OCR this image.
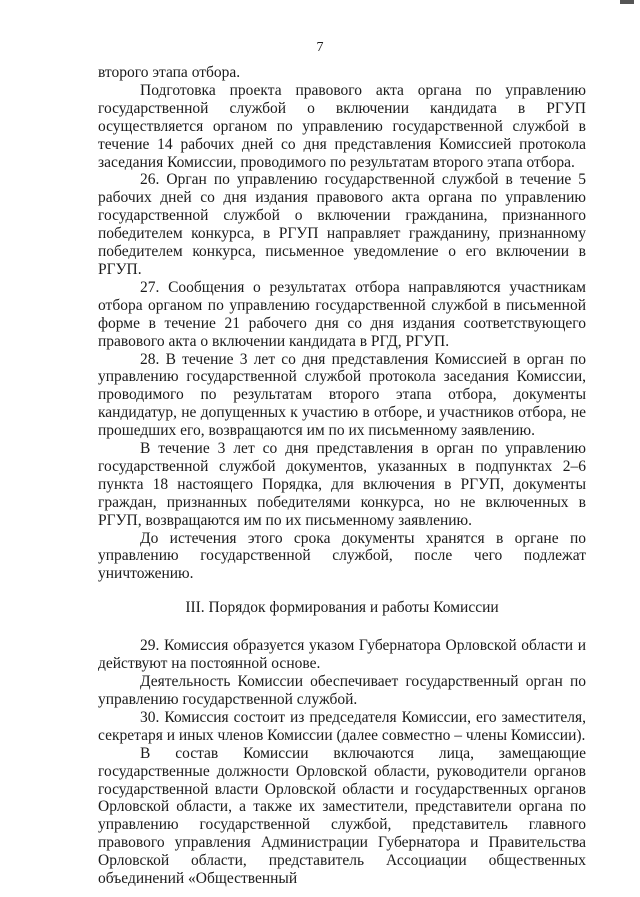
7

второго этапа отбора.

Подготовка проекта правового акта органа по управлению государственной службой о включении кандидата в РГУП осуществляется органом по управлению государственной службой в течение 14 рабочих дней со дня представления Комиссией протокола заседания Комиссии, проводимого по результатам второго этапа отбора.

26. Орган по управлению государственной службой в течение 5 рабочих дней со дня издания правового акта органа по управлению государственной службой о включении гражданина, признанного победителем конкурса, в РГУП направляет гражданину, признанному победителем конкурса, письменное уведомление о его включении в РГУП.

27. Сообщения о результатах отбора направляются участникам отбора органом по управлению государственной службой в письменной форме в течение 21 рабочего дня со дня издания соответствующего правового акта о включении кандидата в РГД, РГУП.

28. В течение 3 лет со дня представления Комиссией в орган по управлению государственной службой протокола заседания Комиссии, проводимого по результатам второго этапа отбора, документы кандидатур, не допущенных к участию в отборе, и участников отбора, не прошедших его, возвращаются им по их письменному заявлению.

В течение 3 лет со дня представления в орган по управлению государственной службой документов, указанных в подпунктах 2–6 пункта 18 настоящего Порядка, для включения в РГУП, документы граждан, признанных победителями конкурса, но не включенных в РГУП, возвращаются им по их письменному заявлению.

До истечения этого срока документы хранятся в органе по управлению государственной службой, после чего подлежат уничтожению.

III. Порядок формирования и работы Комиссии

29. Комиссия образуется указом Губернатора Орловской области и действуют на постоянной основе.

Деятельность Комиссии обеспечивает государственный орган по управлению государственной службой.

30. Комиссия состоит из председателя Комиссии, его заместителя, секретаря и иных членов Комиссии (далее совместно – члены Комиссии).

В состав Комиссии включаются лица, замещающие государственные должности Орловской области, руководители органов государственной власти Орловской области и государственных органов Орловской области, а также их заместители, представители органа по управлению государственной службой, представитель главного правового управления Администрации Губернатора и Правительства Орловской области, представитель Ассоциации общественных объединений «Общественный
